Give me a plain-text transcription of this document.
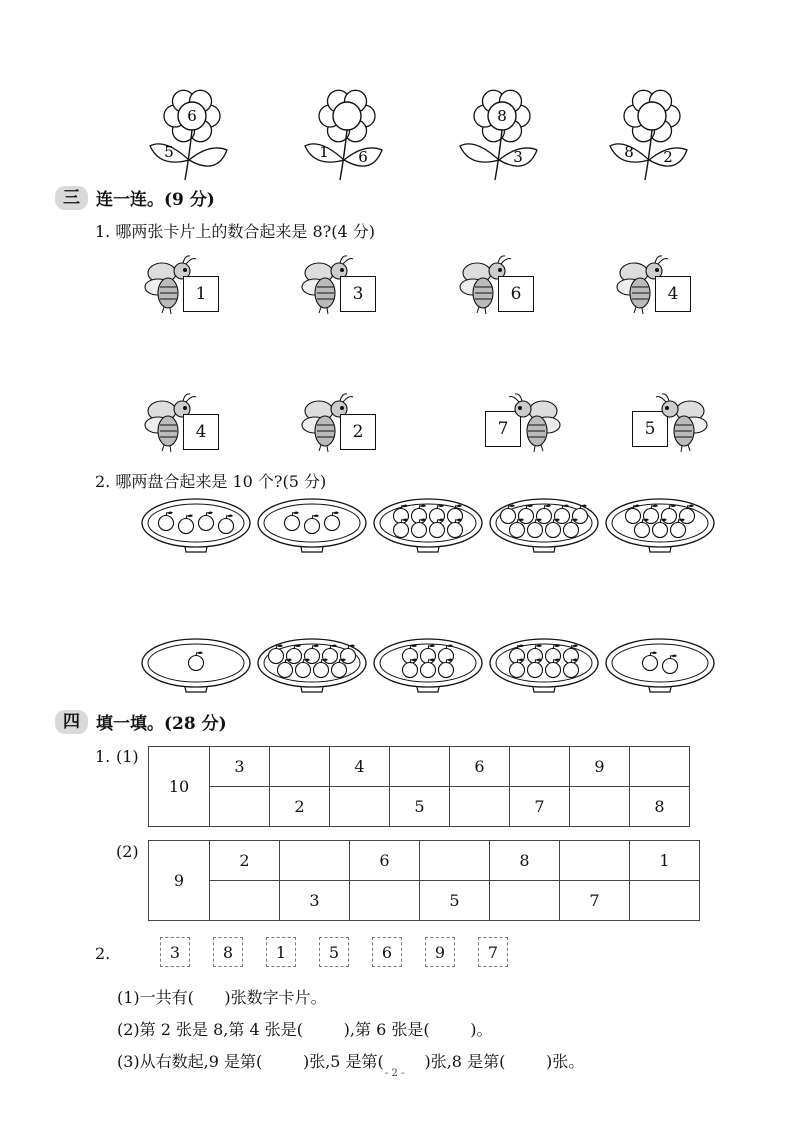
6
5	1 6
8
3	8 2
三 连一连。(9 分)
1. 哪两张卡片上的数合起来是 8?(4 分)
1	3	6	4
4	2	7	5
2. 哪两盘合起来是 10 个?(5 分)
四 填一填。(28 分)
1. (1)
(2)
10	3		4		6		9	
		2		5		7		8
9	2		6		8		1
		3		5		7	
2.	3	8	1	5	6	9	7
(1)一共有(      )张数字卡片。
(2)第 2 张是 8,第 4 张是(        ),第 6 张是(        )。
(3)从右数起,9 是第(        )张,5 是第(        )张,8 是第(        )张。
- 2 -
